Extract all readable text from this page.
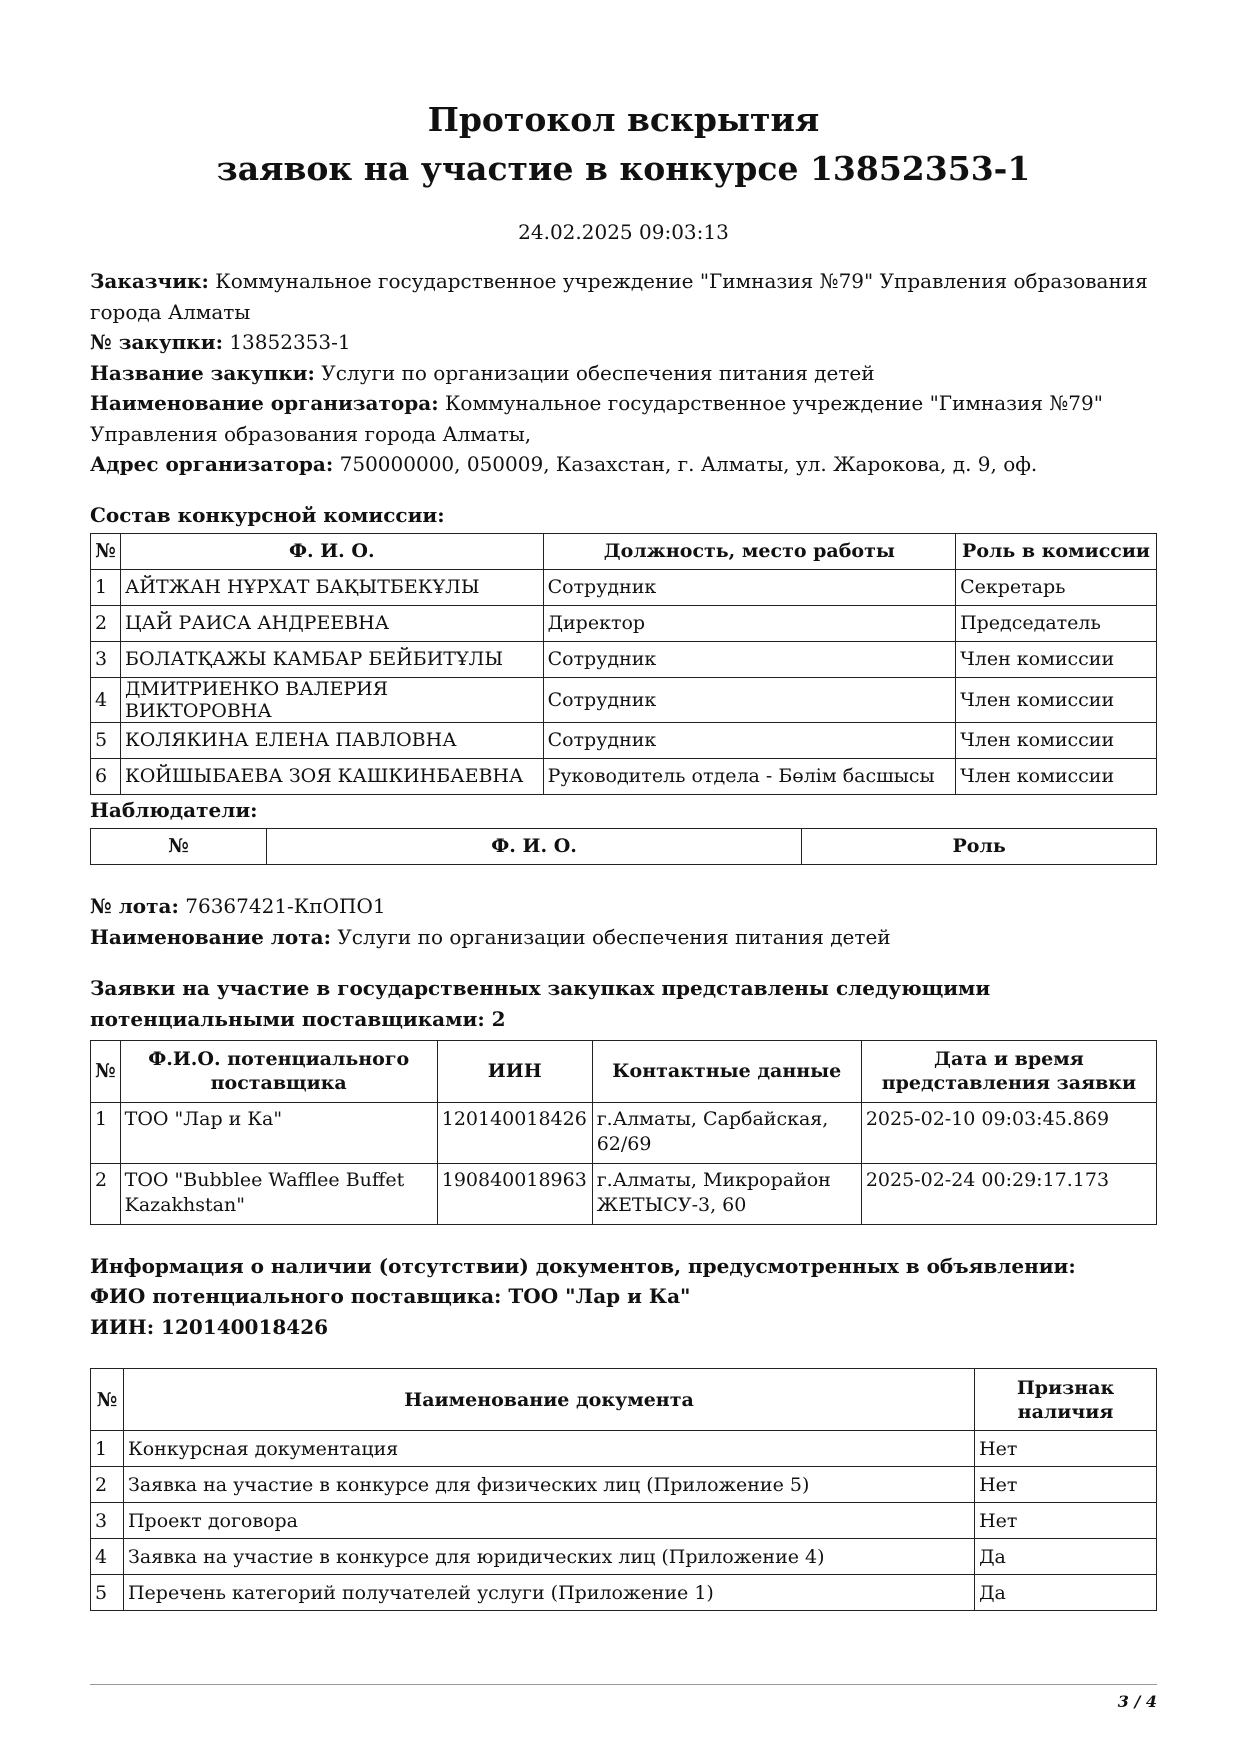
Протокол вскрытия
заявок на участие в конкурсе 13852353-1
24.02.2025 09:03:13
Заказчик: Коммунальное государственное учреждение "Гимназия №79" Управления образования города Алматы
№ закупки: 13852353-1
Название закупки: Услуги по организации обеспечения питания детей
Наименование организатора: Коммунальное государственное учреждение "Гимназия №79" Управления образования города Алматы,
Адрес организатора: 750000000, 050009, Казахстан, г. Алматы, ул. Жарокова, д. 9, оф.
Состав конкурсной комиссии:
№	Ф. И. О.	Должность, место работы	Роль в комиссии
1	АЙТЖАН НҰРХАТ БАҚЫТБЕКҰЛЫ	Сотрудник	Секретарь
2	ЦАЙ РАИСА АНДРЕЕВНА	Директор	Председатель
3	БОЛАТҚАЖЫ КАМБАР БЕЙБИТҰЛЫ	Сотрудник	Член комиссии
4	ДМИТРИЕНКО ВАЛЕРИЯ ВИКТОРОВНА	Сотрудник	Член комиссии
5	КОЛЯКИНА ЕЛЕНА ПАВЛОВНА	Сотрудник	Член комиссии
6	КОЙШЫБАЕВА ЗОЯ КАШКИНБАЕВНА	Руководитель отдела - Бөлім басшысы	Член комиссии
Наблюдатели:
№	Ф. И. О.	Роль
№ лота: 76367421-КпОПО1
Наименование лота: Услуги по организации обеспечения питания детей
Заявки на участие в государственных закупках представлены следующими потенциальными поставщиками: 2
№	Ф.И.О. потенциального поставщика	ИИН	Контактные данные	Дата и время представления заявки
1	ТОО "Лар и Ка"	120140018426	г.Алматы, Сарбайская, 62/69	2025-02-10 09:03:45.869
2	ТОО "Bubblee Wafflee Buffet Kazakhstan"	190840018963	г.Алматы, Микрорайон ЖЕТЫСУ-3, 60	2025-02-24 00:29:17.173
Информация о наличии (отсутствии) документов, предусмотренных в объявлении:
ФИО потенциального поставщика: ТОО "Лар и Ка"
ИИН: 120140018426
№	Наименование документа	Признак наличия
1	Конкурсная документация	Нет
2	Заявка на участие в конкурсе для физических лиц (Приложение 5)	Нет
3	Проект договора	Нет
4	Заявка на участие в конкурсе для юридических лиц (Приложение 4)	Да
5	Перечень категорий получателей услуги (Приложение 1)	Да
3 / 4
